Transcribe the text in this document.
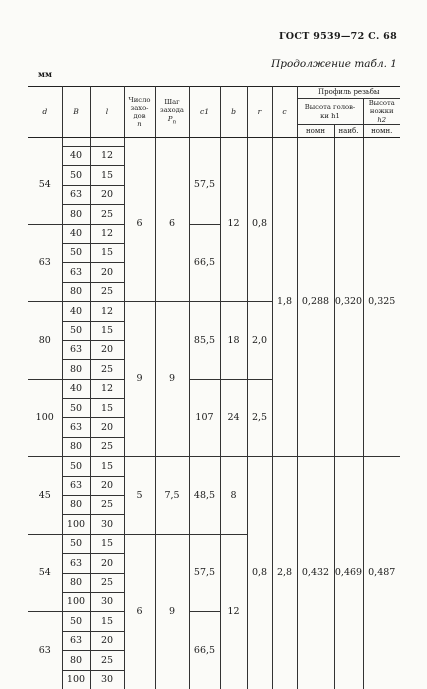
ГОСТ 9539—72 С. 68
Продолжение табл. 1
мм
d	B	l	Число
захо-
дов
n	Шаг
захода
$P_n$	c1	b	r	c	Профиль резьбы		
									Высота голов-
ки h1		Высота
ножки
h2
									номн	наиб.	номн.

54	40	12	6	6	57,5	12	0,8	1,8	0,288	0,320	0,325
	50	15									
	63	20									
	80	25									
63	40	12			66,5						
	50	15									
	63	20									
	80	25									
80	40	12	9	9	85,5	18	2,0				
	50	15									
	63	20									
	80	25									
100	40	12			107	24	2,5				
	50	15									
	63	20									
	80	25									
45	50	15	5	7,5	48,5	8	0,8	2,8	0,432	0,469	0,487
	63	20									
	80	25									
	100	30									
54	50	15	6	9	57,5	12					
	63	20									
	80	25									
	100	30									
63	50	15			66,5						
	63	20									
	80	25									
	100	30									
